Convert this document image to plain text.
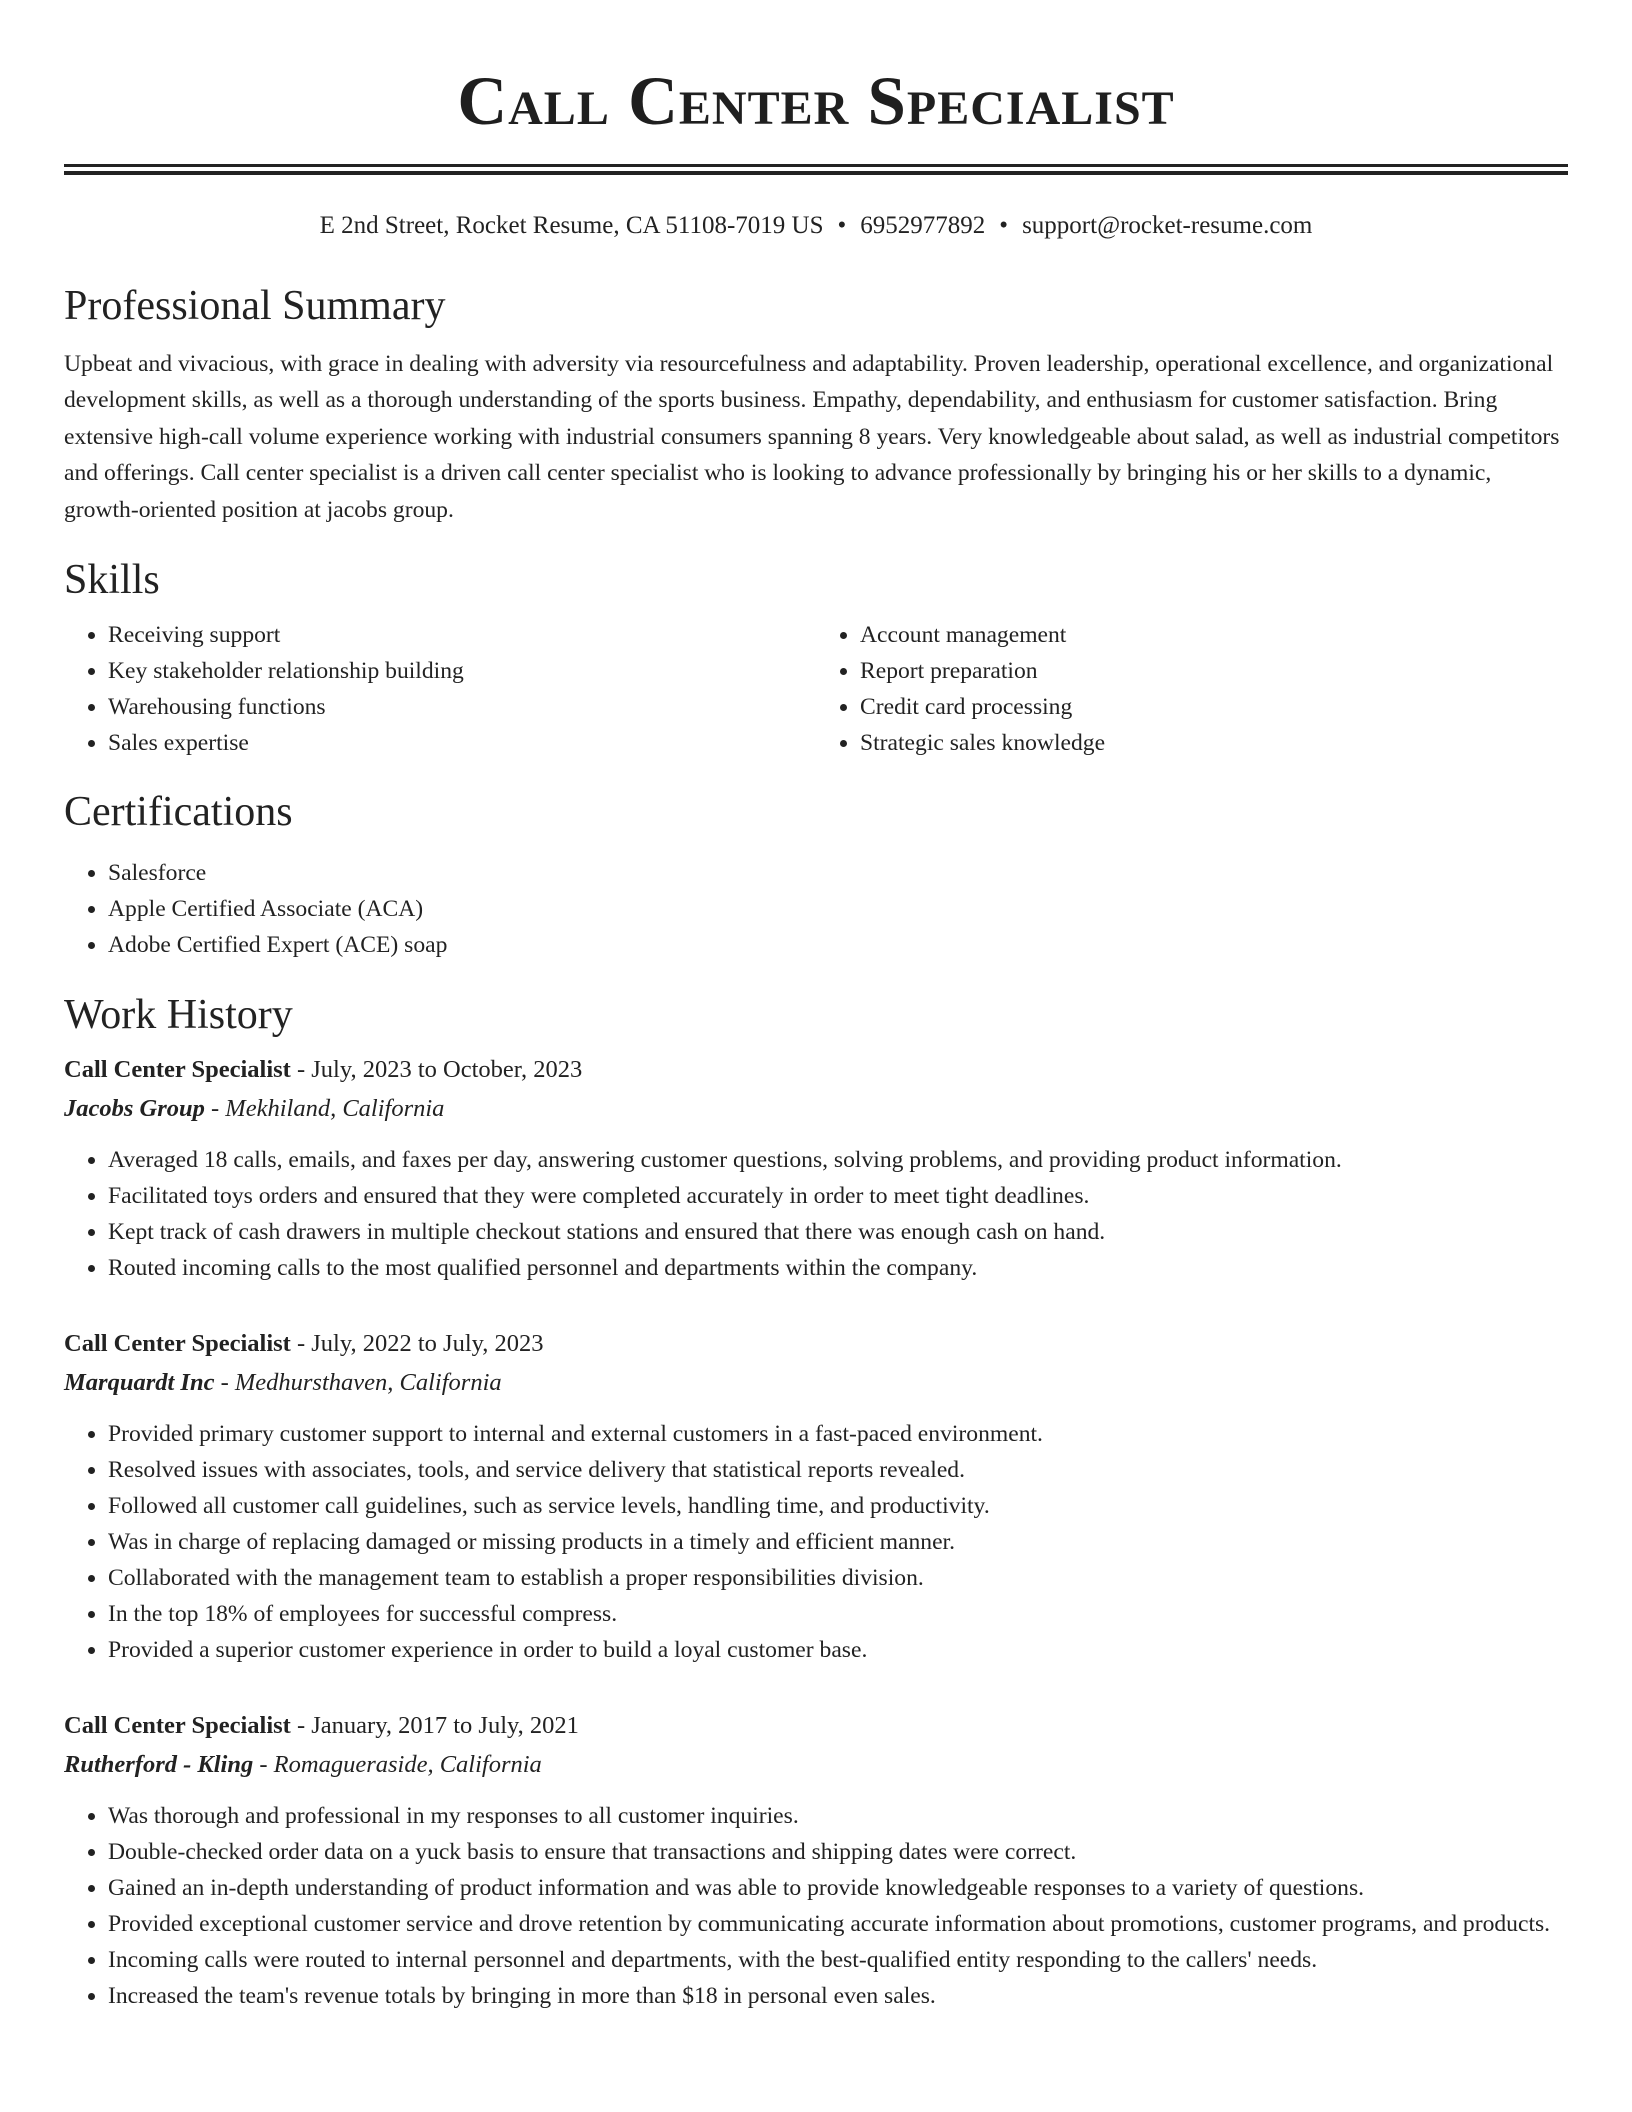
Call Center Specialist
E 2nd Street, Rocket Resume, CA 51108-7019 US • 6952977892 • support@rocket-resume.com
Professional Summary
Upbeat and vivacious, with grace in dealing with adversity via resourcefulness and adaptability. Proven leadership, operational excellence, and organizational development skills, as well as a thorough understanding of the sports business. Empathy, dependability, and enthusiasm for customer satisfaction. Bring extensive high-call volume experience working with industrial consumers spanning 8 years. Very knowledgeable about salad, as well as industrial competitors and offerings. Call center specialist is a driven call center specialist who is looking to advance professionally by bringing his or her skills to a dynamic, growth-oriented position at jacobs group.
Skills
• Receiving support
• Key stakeholder relationship building
• Warehousing functions
• Sales expertise
• Account management
• Report preparation
• Credit card processing
• Strategic sales knowledge
Certifications
• Salesforce
• Apple Certified Associate (ACA)
• Adobe Certified Expert (ACE) soap
Work History
Call Center Specialist - July, 2023 to October, 2023
Jacobs Group - Mekhiland, California
• Averaged 18 calls, emails, and faxes per day, answering customer questions, solving problems, and providing product information.
• Facilitated toys orders and ensured that they were completed accurately in order to meet tight deadlines.
• Kept track of cash drawers in multiple checkout stations and ensured that there was enough cash on hand.
• Routed incoming calls to the most qualified personnel and departments within the company.
Call Center Specialist - July, 2022 to July, 2023
Marquardt Inc - Medhursthaven, California
• Provided primary customer support to internal and external customers in a fast-paced environment.
• Resolved issues with associates, tools, and service delivery that statistical reports revealed.
• Followed all customer call guidelines, such as service levels, handling time, and productivity.
• Was in charge of replacing damaged or missing products in a timely and efficient manner.
• Collaborated with the management team to establish a proper responsibilities division.
• In the top 18% of employees for successful compress.
• Provided a superior customer experience in order to build a loyal customer base.
Call Center Specialist - January, 2017 to July, 2021
Rutherford - Kling - Romagueraside, California
• Was thorough and professional in my responses to all customer inquiries.
• Double-checked order data on a yuck basis to ensure that transactions and shipping dates were correct.
• Gained an in-depth understanding of product information and was able to provide knowledgeable responses to a variety of questions.
• Provided exceptional customer service and drove retention by communicating accurate information about promotions, customer programs, and products.
• Incoming calls were routed to internal personnel and departments, with the best-qualified entity responding to the callers' needs.
• Increased the team's revenue totals by bringing in more than $18 in personal even sales.
